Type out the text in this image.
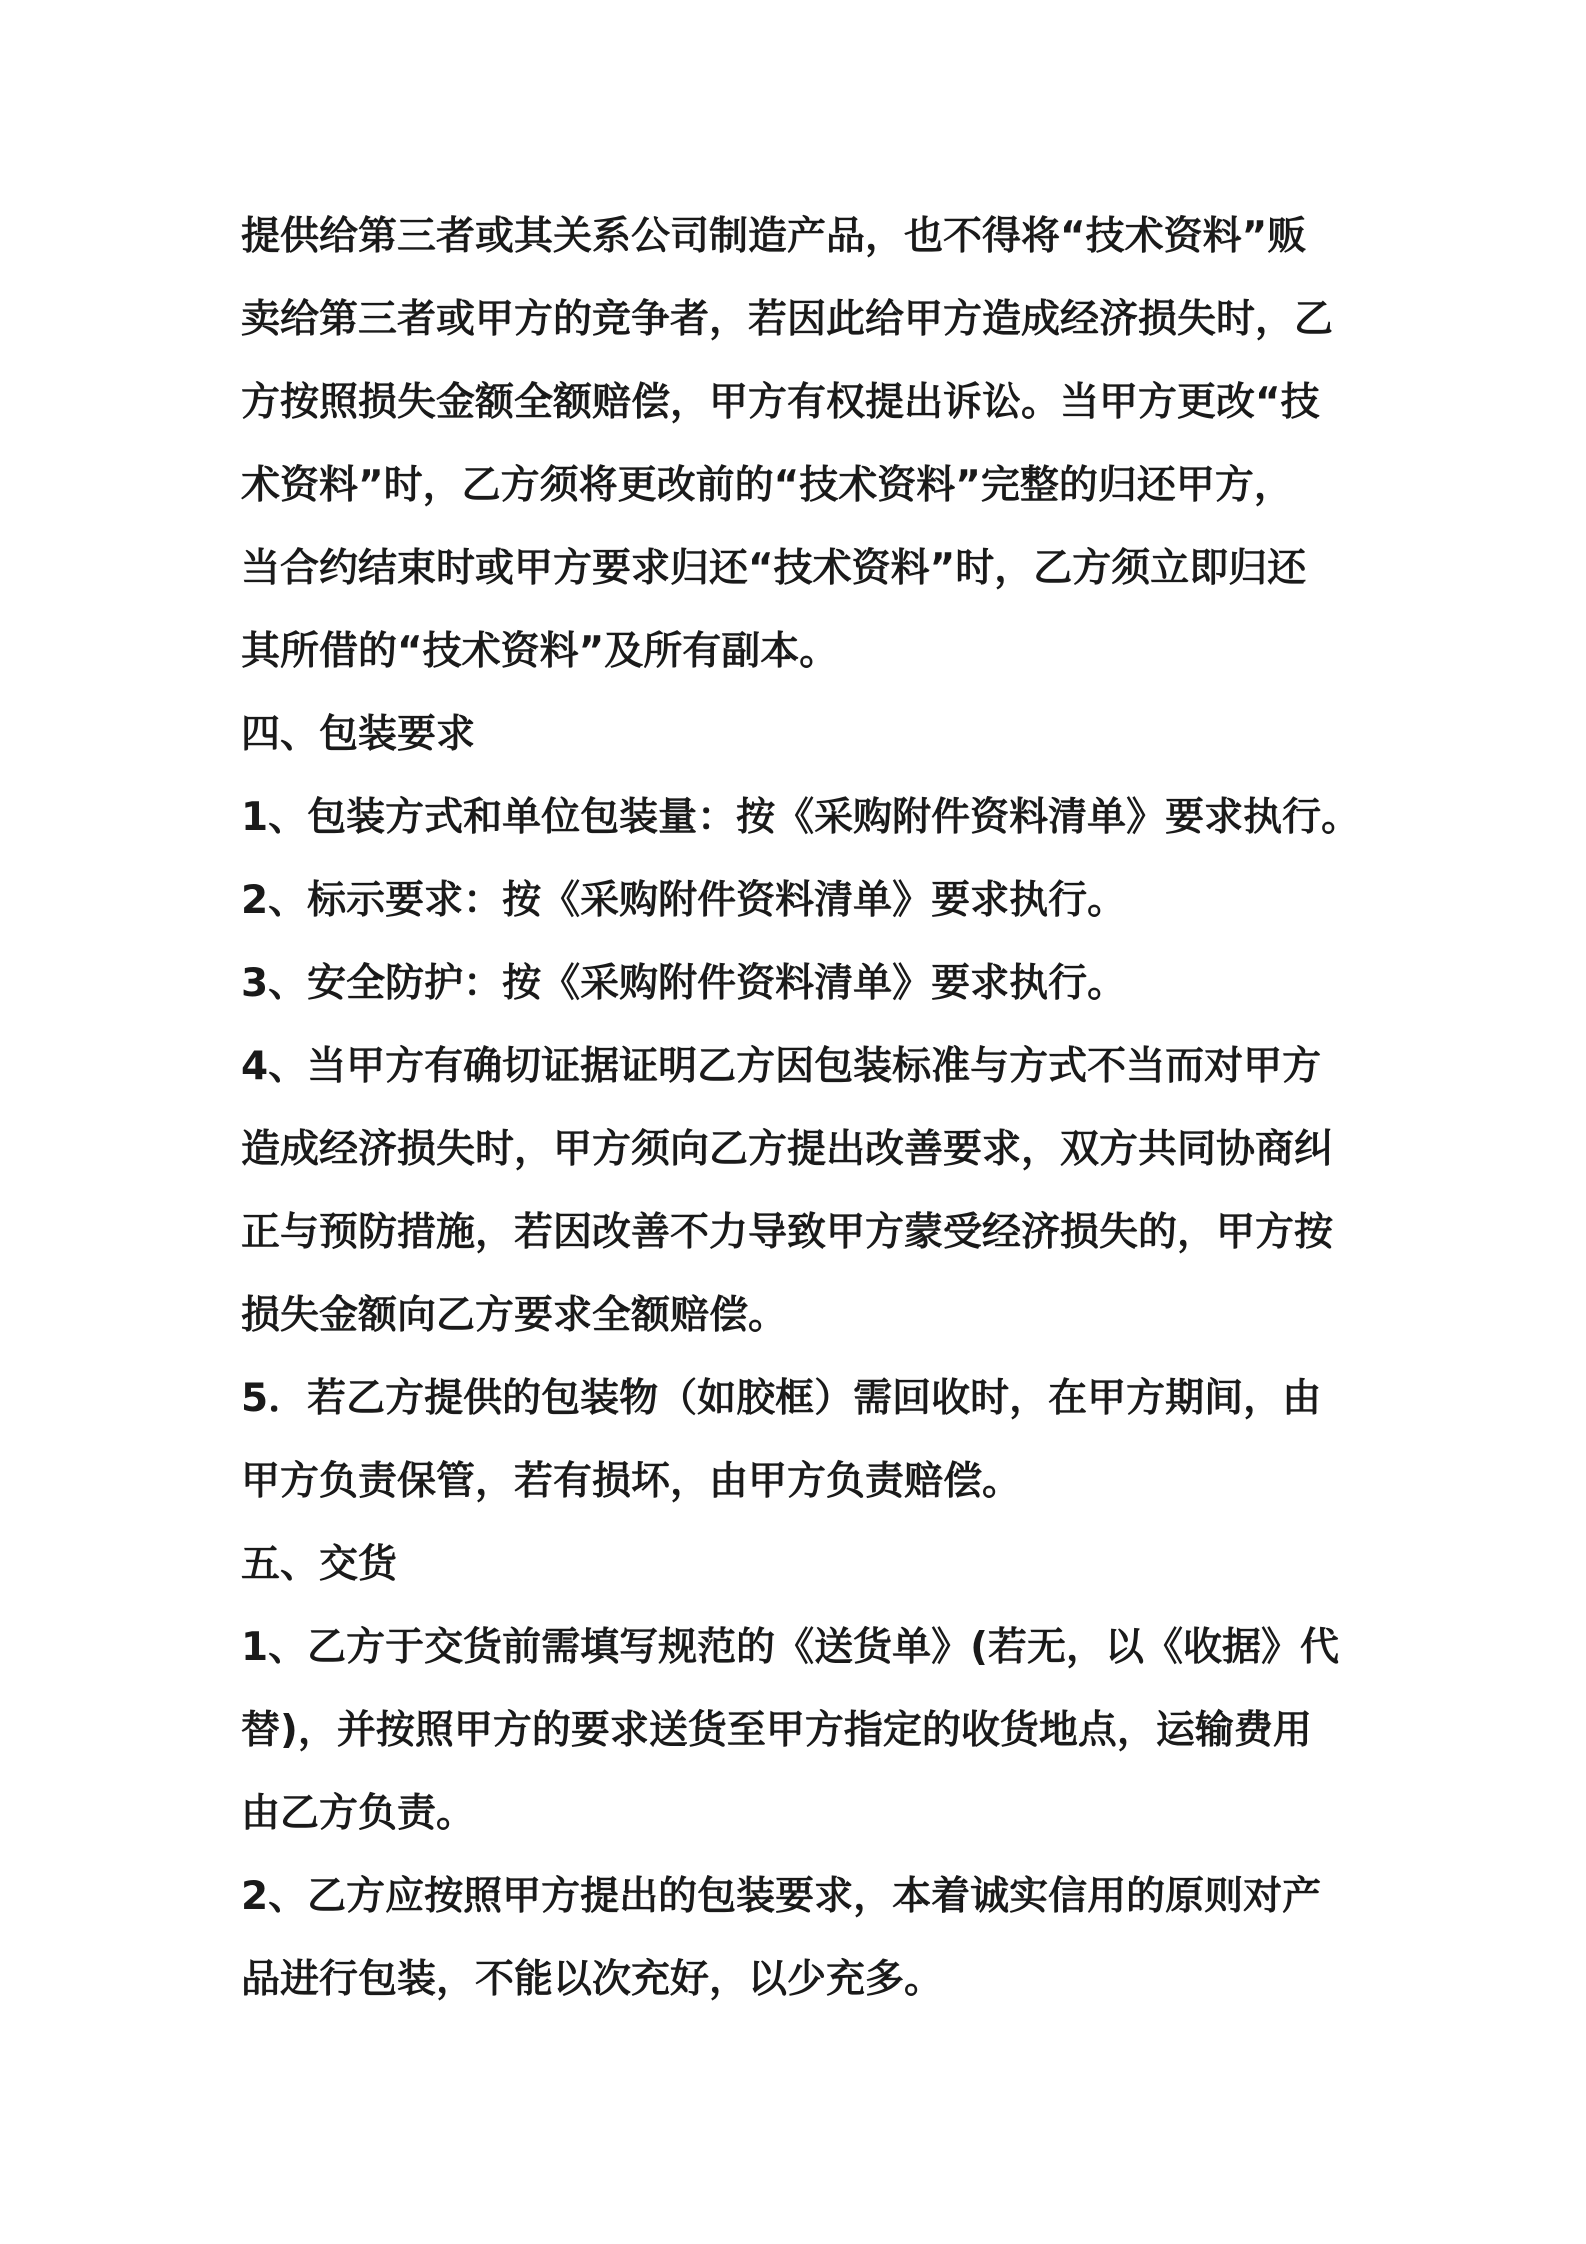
提供给第三者或其关系公司制造产品，也不得将“技术资料”贩
卖给第三者或甲方的竞争者，若因此给甲方造成经济损失时，乙
方按照损失金额全额赔偿，甲方有权提出诉讼。当甲方更改“技
术资料”时，乙方须将更改前的“技术资料”完整的归还甲方，
当合约结束时或甲方要求归还“技术资料”时，乙方须立即归还
其所借的“技术资料”及所有副本。
四、包装要求
1、包装方式和单位包装量：按《采购附件资料清单》要求执行。
2、标示要求：按《采购附件资料清单》要求执行。
3、安全防护：按《采购附件资料清单》要求执行。
4、当甲方有确切证据证明乙方因包装标准与方式不当而对甲方
造成经济损失时，甲方须向乙方提出改善要求，双方共同协商纠
正与预防措施，若因改善不力导致甲方蒙受经济损失的，甲方按
损失金额向乙方要求全额赔偿。
5．若乙方提供的包装物（如胶框）需回收时，在甲方期间，由
甲方负责保管，若有损坏，由甲方负责赔偿。
五、交货
1、乙方于交货前需填写规范的《送货单》(若无，以《收据》代
替)，并按照甲方的要求送货至甲方指定的收货地点，运输费用
由乙方负责。
2、乙方应按照甲方提出的包装要求，本着诚实信用的原则对产
品进行包装，不能以次充好，以少充多。
